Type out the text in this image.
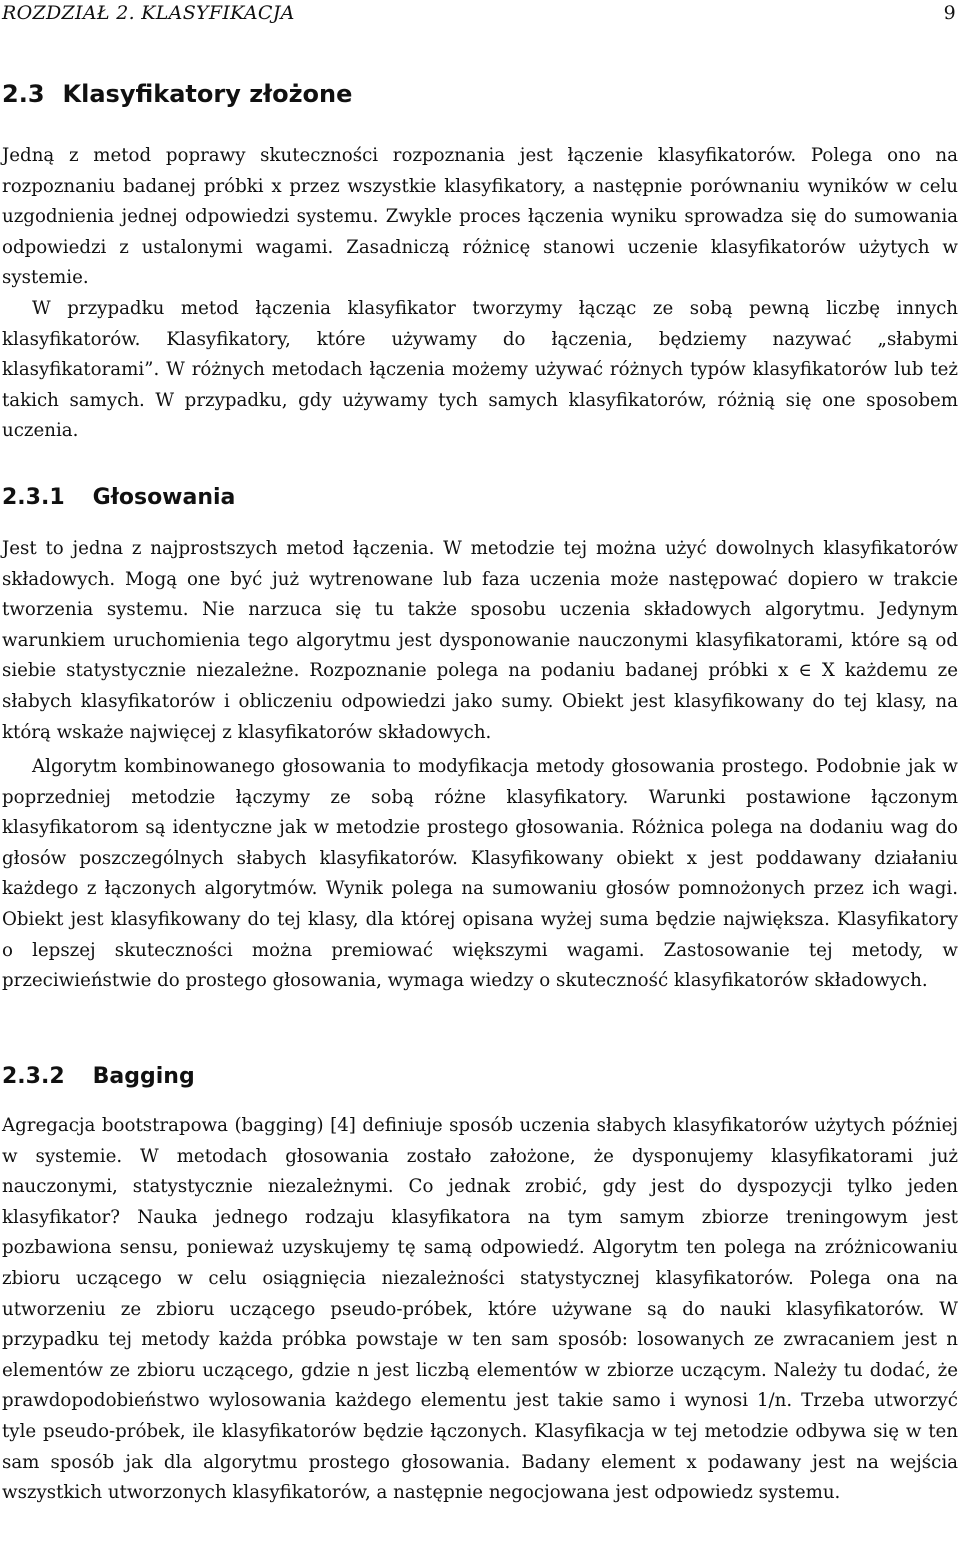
ROZDZIAŁ 2. KLASYFIKACJA	9
2.3 Klasyfikatory złożone

Jedną z metod poprawy skuteczności rozpoznania jest łączenie klasyfikatorów. Polega ono na rozpoznaniu badanej próbki x przez wszystkie klasyfikatory, a następnie porównaniu wyników w celu uzgodnienia jednej odpowiedzi systemu. Zwykle proces łączenia wyniku sprowadza się do sumowania odpowiedzi z ustalonymi wagami. Zasadniczą różnicę stanowi uczenie klasyfikatorów użytych w systemie.

W przypadku metod łączenia klasyfikator tworzymy łącząc ze sobą pewną liczbę innych klasyfikatorów. Klasyfikatory, które używamy do łączenia, będziemy nazywać „słabymi klasyfikatorami”. W różnych metodach łączenia możemy używać różnych typów klasyfikatorów lub też takich samych. W przypadku, gdy używamy tych samych klasyfikatorów, różnią się one sposobem uczenia.

2.3.1 Głosowania

Jest to jedna z najprostszych metod łączenia. W metodzie tej można użyć dowolnych klasyfikatorów składowych. Mogą one być już wytrenowane lub faza uczenia może następować dopiero w trakcie tworzenia systemu. Nie narzuca się tu także sposobu uczenia składowych algorytmu. Jedynym warunkiem uruchomienia tego algorytmu jest dysponowanie nauczonymi klasyfikatorami, które są od siebie statystycznie niezależne. Rozpoznanie polega na podaniu badanej próbki x ∈ X każdemu ze słabych klasyfikatorów i obliczeniu odpowiedzi jako sumy. Obiekt jest klasyfikowany do tej klasy, na którą wskaże najwięcej z klasyfikatorów składowych.

Algorytm kombinowanego głosowania to modyfikacja metody głosowania prostego. Podobnie jak w poprzedniej metodzie łączymy ze sobą różne klasyfikatory. Warunki postawione łączonym klasyfikatorom są identyczne jak w metodzie prostego głosowania. Różnica polega na dodaniu wag do głosów poszczególnych słabych klasyfikatorów. Klasyfikowany obiekt x jest poddawany działaniu każdego z łączonych algorytmów. Wynik polega na sumowaniu głosów pomnożonych przez ich wagi. Obiekt jest klasyfikowany do tej klasy, dla której opisana wyżej suma będzie największa. Klasyfikatory o lepszej skuteczności można premiować większymi wagami. Zastosowanie tej metody, w przeciwieństwie do prostego głosowania, wymaga wiedzy o skuteczność klasyfikatorów składowych.

2.3.2 Bagging

Agregacja bootstrapowa (bagging) [4] definiuje sposób uczenia słabych klasyfikatorów użytych później w systemie. W metodach głosowania zostało założone, że dysponujemy klasyfikatorami już nauczonymi, statystycznie niezależnymi. Co jednak zrobić, gdy jest do dyspozycji tylko jeden klasyfikator? Nauka jednego rodzaju klasyfikatora na tym samym zbiorze treningowym jest pozbawiona sensu, ponieważ uzyskujemy tę samą odpowiedź. Algorytm ten polega na zróżnicowaniu zbioru uczącego w celu osiągnięcia niezależności statystycznej klasyfikatorów. Polega ona na utworzeniu ze zbioru uczącego pseudo-próbek, które używane są do nauki klasyfikatorów. W przypadku tej metody każda próbka powstaje w ten sam sposób: losowanych ze zwracaniem jest n elementów ze zbioru uczącego, gdzie n jest liczbą elementów w zbiorze uczącym. Należy tu dodać, że prawdopodobieństwo wylosowania każdego elementu jest takie samo i wynosi 1/n. Trzeba utworzyć tyle pseudo-próbek, ile klasyfikatorów będzie łączonych. Klasyfikacja w tej metodzie odbywa się w ten sam sposób jak dla algorytmu prostego głosowania. Badany element x podawany jest na wejścia wszystkich utworzonych klasyfikatorów, a następnie negocjowana jest odpowiedz systemu.
